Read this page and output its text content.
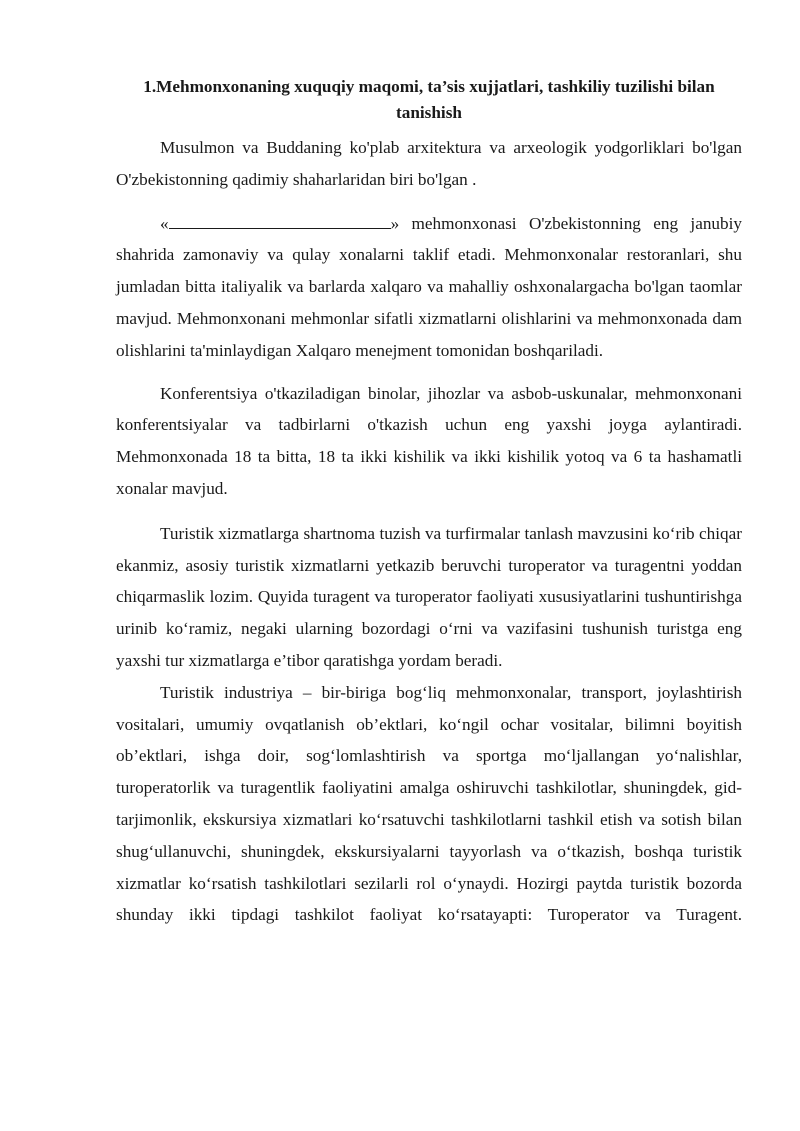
1.Mehmonxonaning xuquqiy maqomi, ta’sis xujjatlari, tashkiliy tuzilishi bilan tanishish

Musulmon va Buddaning ko'plab arxitektura va arxeologik yodgorliklari bo'lgan O'zbekistonning qadimiy shaharlaridan biri bo'lgan .

«	» mehmonxonasi O'zbekistonning eng janubiy shahrida zamonaviy va qulay xonalarni taklif etadi. Mehmonxonalar restoranlari, shu jumladan bitta italiyalik va barlarda xalqaro va mahalliy oshxonalargacha bo'lgan taomlar mavjud. Mehmonxonani mehmonlar sifatli xizmatlarni olishlarini va mehmonxonada dam olishlarini ta'minlaydigan Xalqaro menejment tomonidan boshqariladi.

Konferentsiya o'tkaziladigan binolar, jihozlar va asbob-uskunalar, mehmonxonani konferentsiyalar va tadbirlarni o'tkazish uchun eng yaxshi joyga aylantiradi. Mehmonxonada 18 ta bitta, 18 ta ikki kishilik va ikki kishilik yotoq va 6 ta hashamatli xonalar mavjud.

Turistik xizmatlarga shartnoma tuzish va turfirmalar tanlash mavzusini ko‘rib chiqar ekanmiz, asosiy turistik xizmatlarni yetkazib beruvchi turoperator va turagentni yoddan chiqarmaslik lozim. Quyida turagent va turoperator faoliyati xususiyatlarini tushuntirishga urinib ko‘ramiz, negaki ularning bozordagi o‘rni va vazifasini tushunish turistga eng yaxshi tur xizmatlarga e’tibor qaratishga yordam beradi.

Turistik industriya – bir-biriga bog‘liq mehmonxonalar, transport, joylashtirish vositalari, umumiy ovqatlanish ob’ektlari, ko‘ngil ochar vositalar, bilimni boyitish ob’ektlari, ishga doir, sog‘lomlashtirish va sportga mo‘ljallangan yo‘nalishlar, turoperatorlik va turagentlik faoliyatini amalga oshiruvchi tashkilotlar, shuningdek, gid-tarjimonlik, ekskursiya xizmatlari ko‘rsatuvchi tashkilotlarni tashkil etish va sotish bilan shug‘ullanuvchi, shuningdek, ekskursiyalarni tayyorlash va o‘tkazish, boshqa turistik xizmatlar ko‘rsatish tashkilotlari sezilarli rol o‘ynaydi. Hozirgi paytda turistik bozorda shunday ikki tipdagi tashkilot faoliyat ko‘rsatayapti: Turoperator va Turagent.
